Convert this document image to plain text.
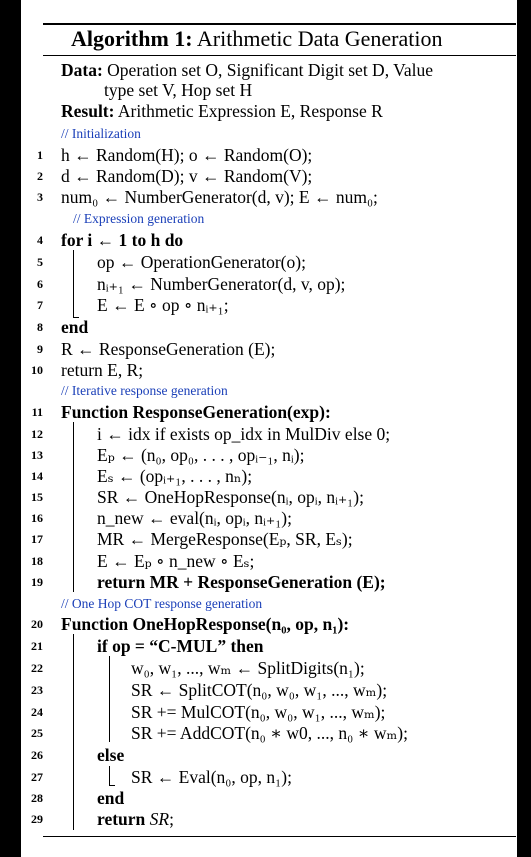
Algorithm 1: Arithmetic Data Generation
Data: Operation set O, Significant Digit set D, Value
type set V, Hop set H
Result: Arithmetic Expression E, Response R
// Initialization
1 h ← Random(H); o ← Random(O);
2 d ← Random(D); v ← Random(V);
3 num₀ ← NumberGenerator(d, v); E ← num₀;
// Expression generation
4 for i ← 1 to h do
5	op ← OperationGenerator(o);
6	nᵢ₊₁ ← NumberGenerator(d, v, op);
7	E ← E ∘ op ∘ nᵢ₊₁;
8 end
9 R ← ResponseGeneration (E);
10 return E, R;
// Iterative response generation
11 Function ResponseGeneration(exp):
12	i ← idx if exists op_idx in MulDiv else 0;
13	Eₚ ← (n₀, op₀, . . . , opᵢ₋₁, nᵢ);
14	Eₛ ← (opᵢ₊₁, . . . , nₙ);
15	SR ← OneHopResponse(nᵢ, opᵢ, nᵢ₊₁);
16	n_new ← eval(nᵢ, opᵢ, nᵢ₊₁);
17	MR ← MergeResponse(Eₚ, SR, Eₛ);
18	E ← Eₚ ∘ n_new ∘ Eₛ;
19	return MR + ResponseGeneration (E);
// One Hop COT response generation
20 Function OneHopResponse(n₀, op, n₁):
21	if op = “C-MUL” then
22	w₀, w₁, ..., wₘ ← SplitDigits(n₁);
23	SR ← SplitCOT(n₀, w₀, w₁, ..., wₘ);
24	SR += MulCOT(n₀, w₀, w₁, ..., wₘ);
25	SR += AddCOT(n₀ ∗ w0, ..., n₀ ∗ wₘ);
26	else
27	SR ← Eval(n₀, op, n₁);
28	end
29	return SR;
